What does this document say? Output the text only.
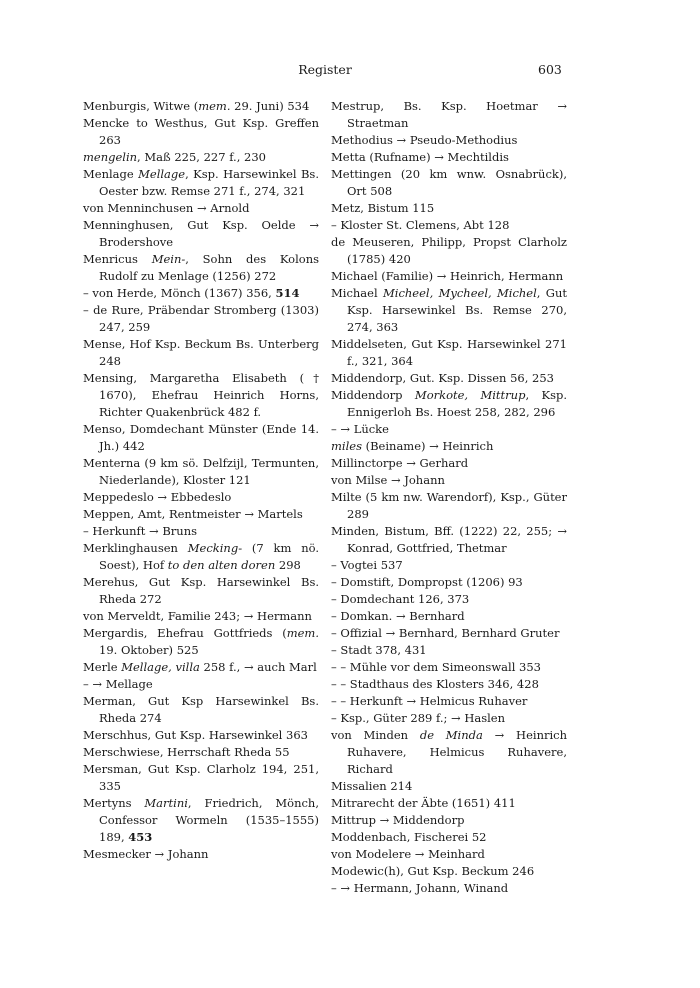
Register	603
Menburgis, Witwe (mem. 29. Juni) 534
Mencke to Westhus, Gut Ksp. Greffen 263
mengelin, Maß 225, 227 f., 230
Menlage Mellage, Ksp. Harsewinkel Bs. Oester bzw. Remse 271 f., 274, 321
von Menninchusen → Arnold
Menninghusen, Gut Ksp. Oelde → Brodershove
Menricus Mein-, Sohn des Kolons Rudolf zu Menlage (1256) 272
– von Herde, Mönch (1367) 356, 514
– de Rure, Präbendar Stromberg (1303) 247, 259
Mense, Hof Ksp. Beckum Bs. Unterberg 248
Mensing, Margaretha Elisabeth († 1670), Ehefrau Heinrich Horns, Richter Quakenbrück 482 f.
Menso, Domdechant Münster (Ende 14. Jh.) 442
Menterna (9 km sö. Delfzijl, Termunten, Niederlande), Kloster 121
Meppedeslo → Ebbedeslo
Meppen, Amt, Rentmeister → Martels
– Herkunft → Bruns
Merklinghausen Mecking- (7 km nö. Soest), Hof to den alten doren 298
Merehus, Gut Ksp. Harsewinkel Bs. Rheda 272
von Merveldt, Familie 243; → Hermann
Mergardis, Ehefrau Gottfrieds (mem. 19. Oktober) 525
Merle Mellage, villa 258 f., → auch Marl
– → Mellage
Merman, Gut Ksp Harsewinkel Bs. Rheda 274
Merschhus, Gut Ksp. Harsewinkel 363
Merschwiese, Herrschaft Rheda 55
Mersman, Gut Ksp. Clarholz 194, 251, 335
Mertyns Martini, Friedrich, Mönch, Confessor Wormeln (1535–1555) 189, 453
Mesmecker → Johann
Mestrup, Bs. Ksp. Hoetmar → Straetman
Methodius → Pseudo-Methodius
Metta (Rufname) → Mechtildis
Mettingen (20 km wnw. Osnabrück), Ort 508
Metz, Bistum 115
– Kloster St. Clemens, Abt 128
de Meuseren, Philipp, Propst Clarholz (1785) 420
Michael (Familie) → Heinrich, Hermann
Michael Micheel, Mycheel, Michel, Gut Ksp. Harsewinkel Bs. Remse 270, 274, 363
Middelseten, Gut Ksp. Harsewinkel 271 f., 321, 364
Middendorp, Gut. Ksp. Dissen 56, 253
Middendorp Morkote, Mittrup, Ksp. Ennigerloh Bs. Hoest 258, 282, 296
– → Lücke
miles (Beiname) → Heinrich
Millinctorpe → Gerhard
von Milse → Johann
Milte (5 km nw. Warendorf), Ksp., Güter 289
Minden, Bistum, Bff. (1222) 22, 255; → Konrad, Gottfried, Thetmar
– Vogtei 537
– Domstift, Dompropst (1206) 93
– Domdechant 126, 373
– Domkan. → Bernhard
– Offizial → Bernhard, Bernhard Gruter
– Stadt 378, 431
– – Mühle vor dem Simeonswall 353
– – Stadthaus des Klosters 346, 428
– – Herkunft → Helmicus Ruhaver
– Ksp., Güter 289 f.; → Haslen
von Minden de Minda → Heinrich Ruhavere, Helmicus Ruhavere, Richard
Missalien 214
Mitrarecht der Äbte (1651) 411
Mittrup → Middendorp
Moddenbach, Fischerei 52
von Modelere → Meinhard
Modewic(h), Gut Ksp. Beckum 246
– → Hermann, Johann, Winand
